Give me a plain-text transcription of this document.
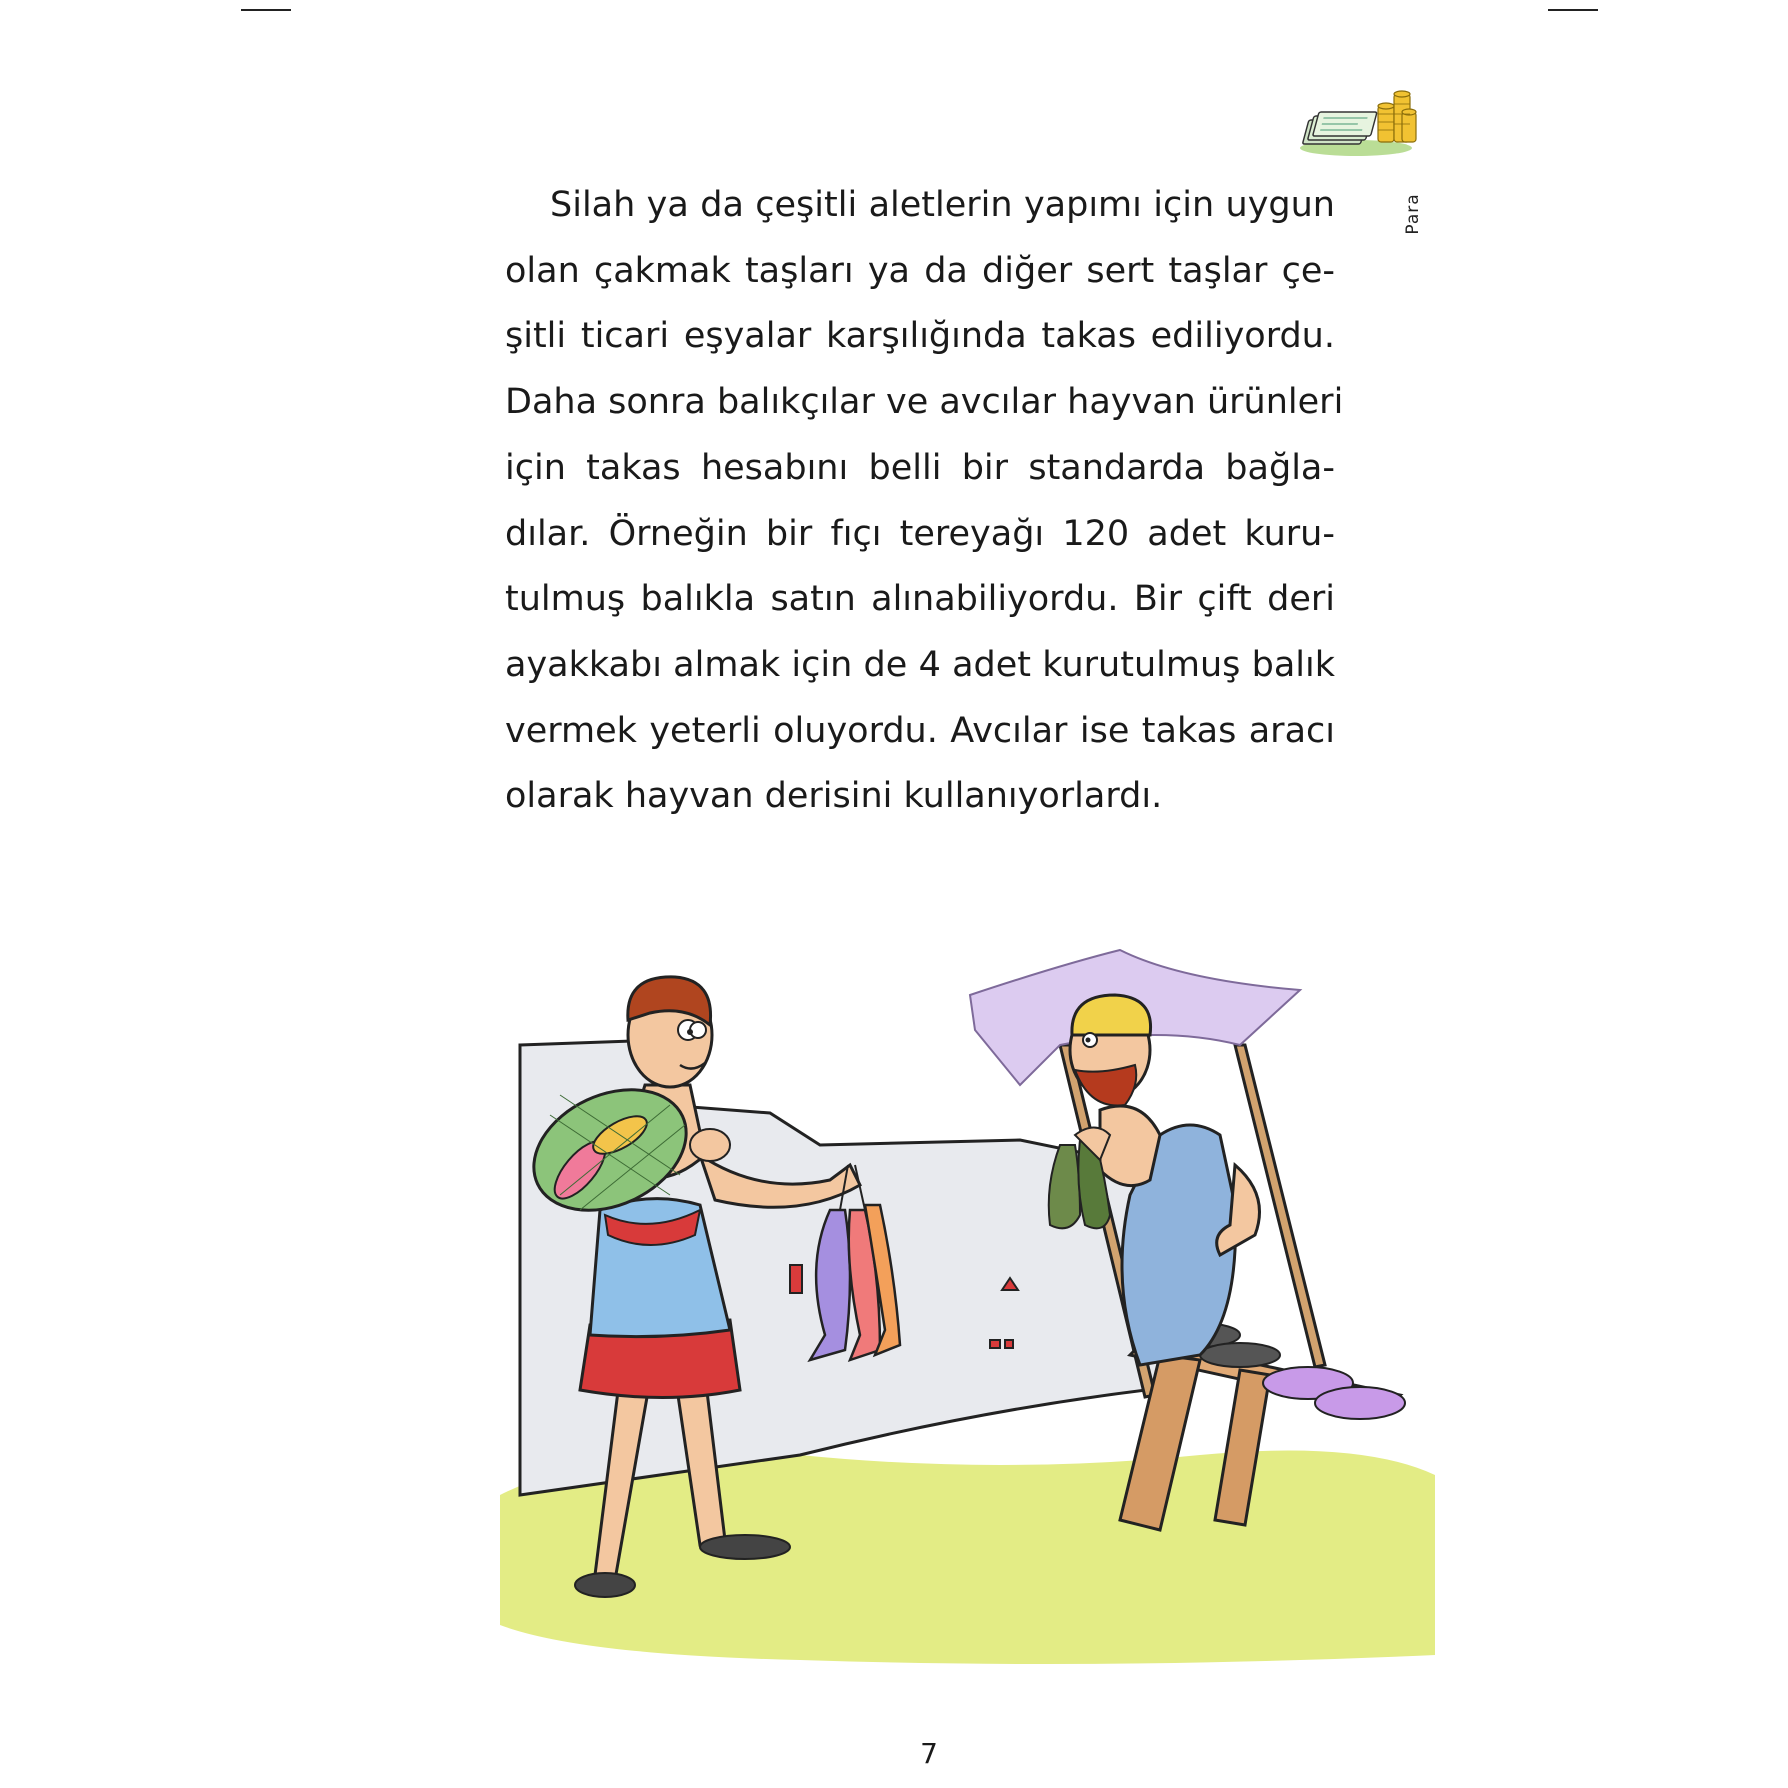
Para
Silah ya da çeşitli aletlerin yapımı için uygun
olan çakmak taşları ya da diğer sert taşlar çe-
şitli ticari eşyalar karşılığında takas ediliyordu.
Daha sonra balıkçılar ve avcılar hayvan ürünleri
için takas hesabını belli bir standarda bağla-
dılar. Örneğin bir fıçı tereyağı 120 adet kuru-
tulmuş balıkla satın alınabiliyordu. Bir çift deri
ayakkabı almak için de 4 adet kurutulmuş balık
vermek yeterli oluyordu. Avcılar ise takas aracı
olarak hayvan derisini kullanıyorlardı.
7
